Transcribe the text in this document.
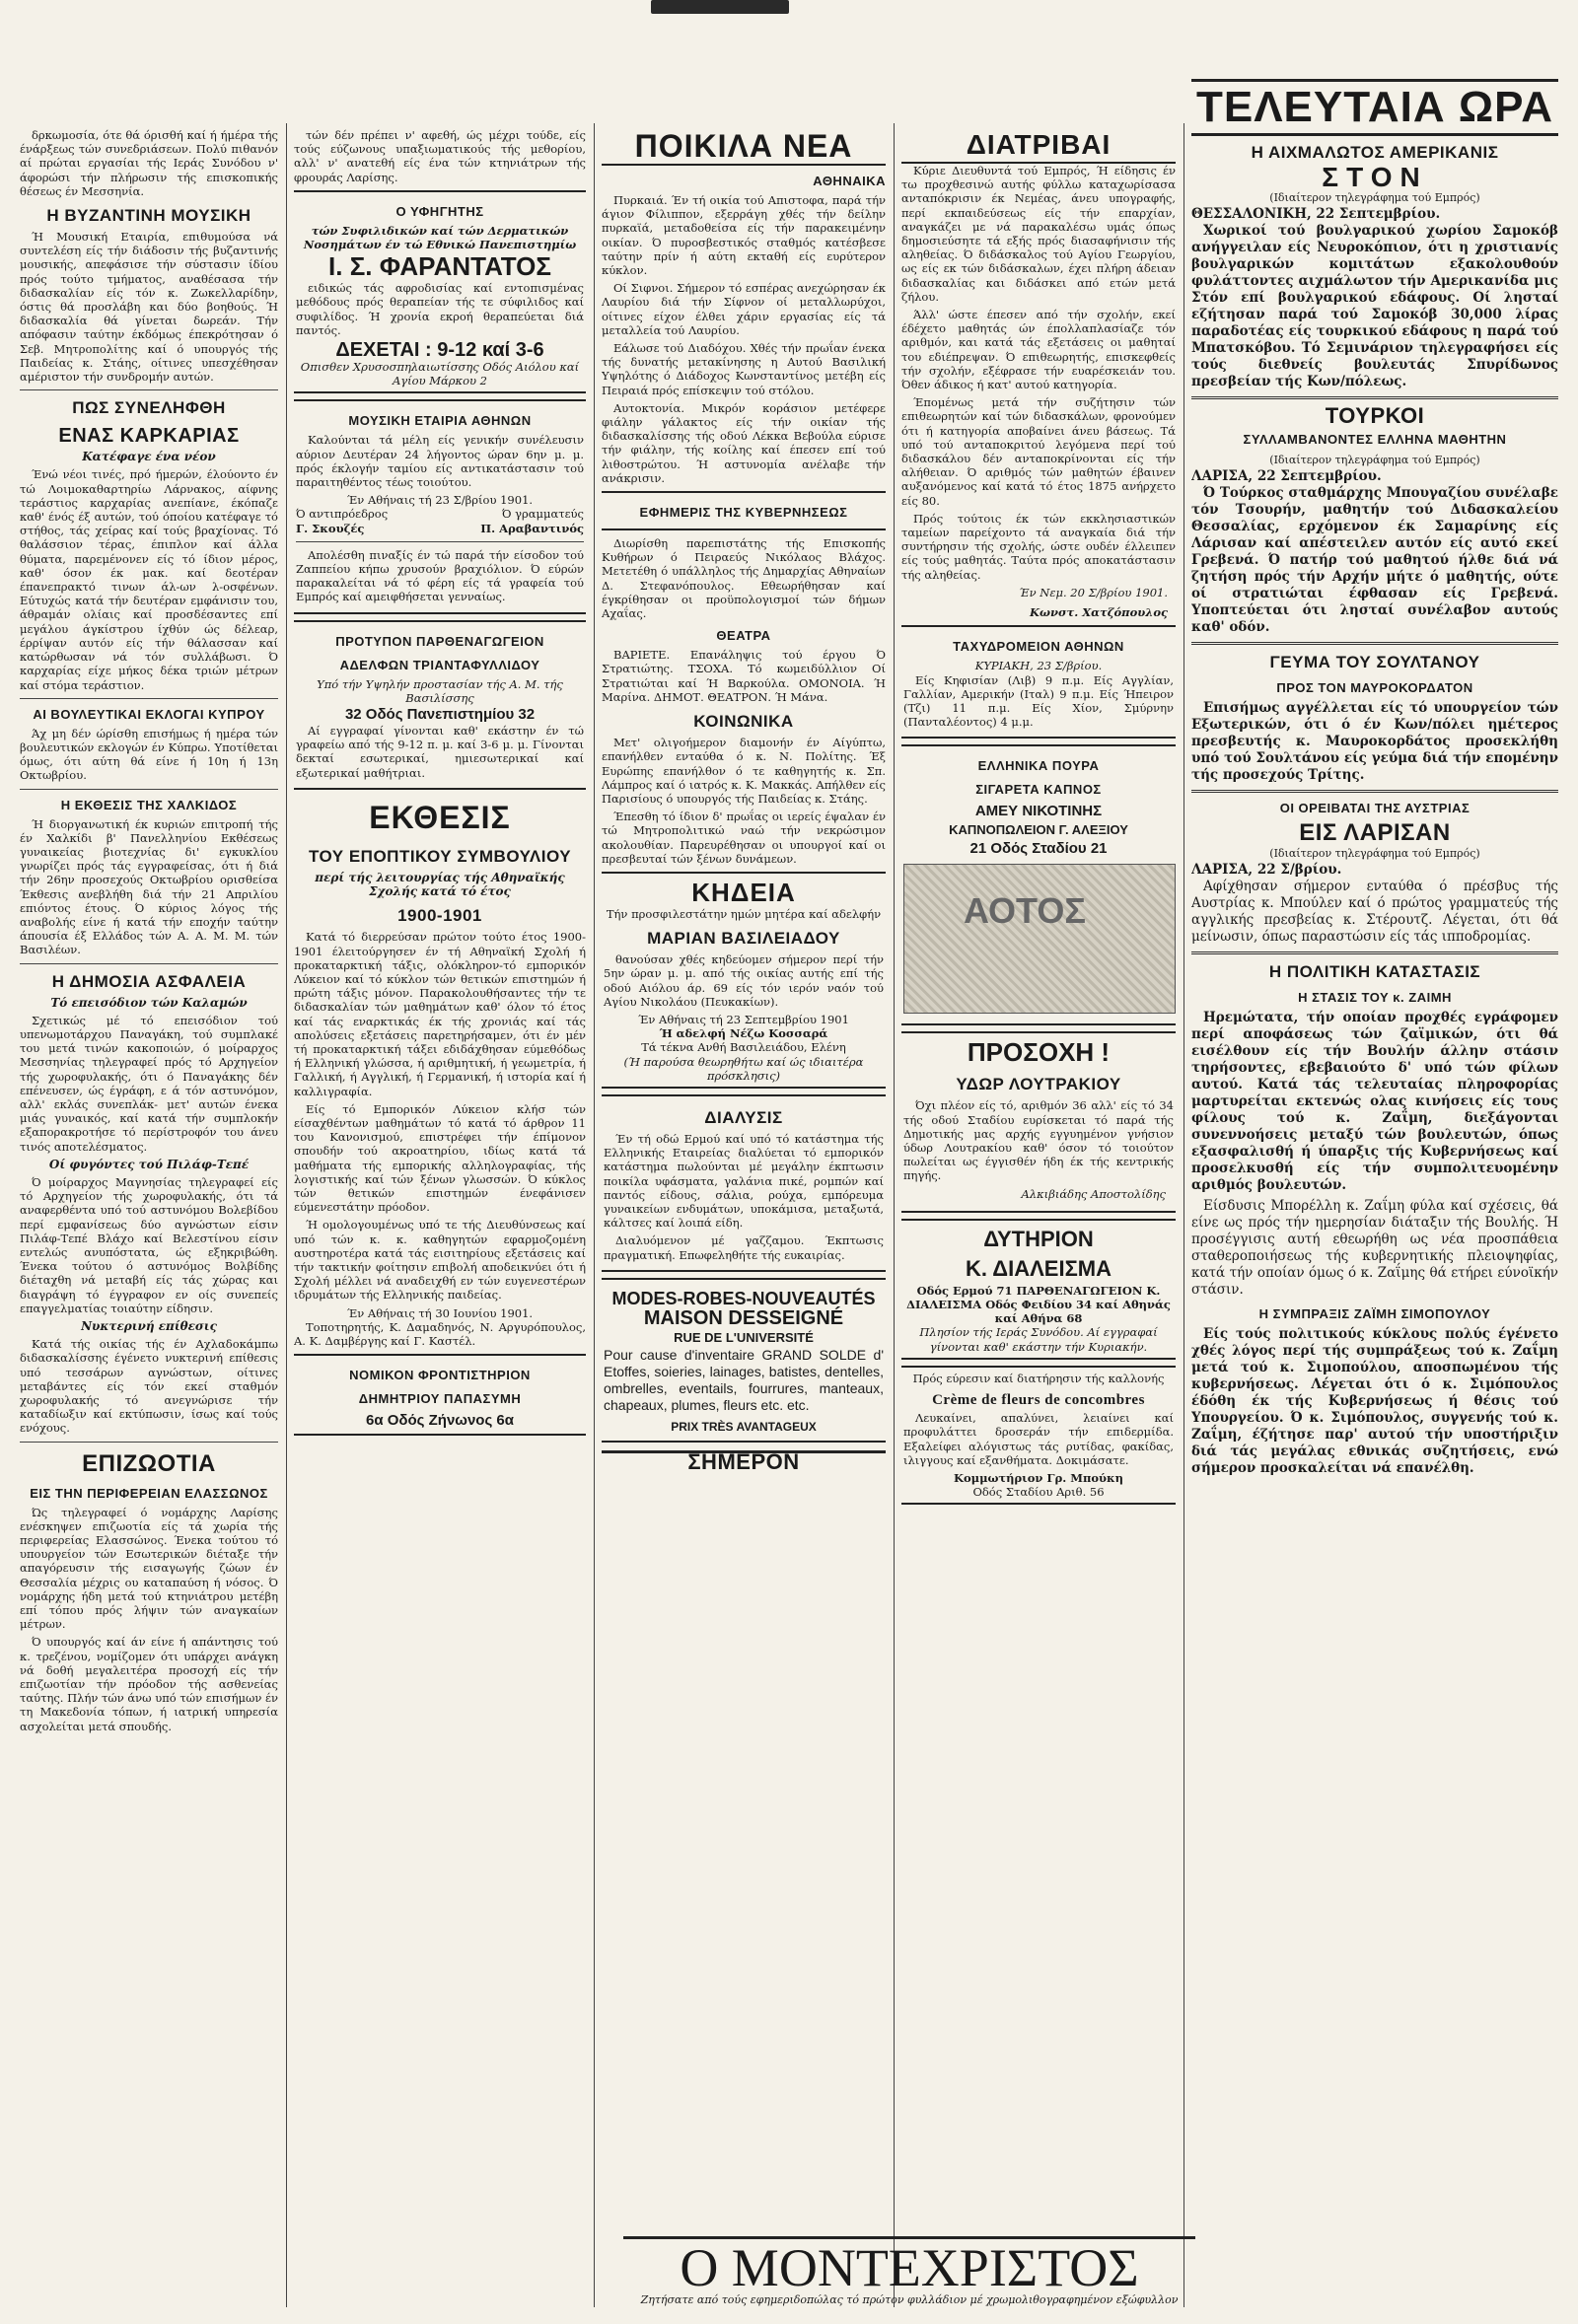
δρκωμοσία, ότε θά όρισθή καί ή ήμέρα τής ένάρξεως τών συνεδριάσεων. Πολύ πιθανόν αί πρώται εργασίαι τής Ιεράς Συνόδου ν' άφορώσι τήν πλήρωσιν τής επισκοπικής θέσεως έν Μεσσηνία.

Η ΒΥΖΑΝΤΙΝΗ ΜΟΥΣΙΚΗ

Ή Μουσική Εταιρία, επιθυμούσα νά συντελέση είς τήν διάδοσιν τής βυζαντινής μουσικής, απεφάσισε τήν σύστασιν ίδίου πρός τούτο τμήματος, αναθέσασα τήν διδασκαλίαν είς τόν κ. Ζωκελλαρίδην, όστις θά προσλάβη και δύο βοηθούς. Ή διδασκαλία θά γίνεται δωρεάν. Τήν απόφασιν ταύτην έκδόμως έπεκρότησαν ό Σεβ. Μητροπολίτης καί ό υπουργός τής Παιδείας κ. Στάης, οίτινες υπεσχέθησαν αμέριστον τήν συνδρομήν αυτών.

ΠΩΣ ΣΥΝΕΛΗΦΘΗ
ΕΝΑΣ ΚΑΡΚΑΡΙΑΣ
Κατέφαγε ένα νέον

Ένώ νέοι τινές, πρό ήμερών, έλούοντο έν τώ Λοιμοκαθαρτηρίω Λάρνακος, αίφνης τεράστιος καρχαρίας ανεπίανε, έκόπαζε καθ' ένός έξ αυτών, τού όποίου κατέφαγε τό στήθος, τάς χείρας καί τούς βραχίονας. Τό θαλάσσιον τέρας, έπιπλον καί άλλα θύματα, παρεμένονεν είς τό ίδιον μέρος, καθ' όσον έκ μακ. καί δεοτέραν έπανεπρακτό τινων άλ-ων λ-οσφένων. Εύτυχώς κατά τήν δευτέραν εμφάνισιν του, άθραμάν ολίαις καί προσδέσαντες επί μεγάλου άγκίστρου ίχθύν ώς δέλεαρ, έρρίψαν αυτόν είς τήν θάλασσαν καί κατώρθωσαν νά τόν συλλάβωσι. Ό καρχαρίας είχε μήκος δέκα τριών μέτρων καί στόμα τεράστιον.

ΑΙ ΒΟΥΛΕΥΤΙΚΑΙ ΕΚΛΟΓΑΙ ΚΥΠΡΟΥ

Άχ μη δέν ώρίσθη επισήμως ή ημέρα τών βουλευτικών εκλογών έν Κύπρω. Υποτίθεται όμως, ότι αύτη θά είνε ή 10η ή 13η Οκτωβρίου.

Η ΕΚΘΕΣΙΣ ΤΗΣ ΧΑΛΚΙΔΟΣ

Ή διοργανωτική έκ κυριών επιτροπή τής έν Χαλκίδι β' Πανελληνίου Εκθέσεως γυναικείας βιοτεχνίας δι' εγκυκλίου γνωρίζει πρός τάς εγγραφείσας, ότι ή διά τήν 26ην προσεχούς Οκτωβρίου ορισθείσα Έκθεσις ανεβλήθη διά τήν 21 Απριλίου επιόντος έτους. Ό κύριος λόγος τής αναβολής είνε ή κατά τήν εποχήν ταύτην άπουσία έξ Ελλάδος τών Α. Α. Μ. Μ. τών Βασιλέων.

Η ΔΗΜΟΣΙΑ ΑΣΦΑΛΕΙΑ
Τό επεισόδιον τών Καλαμών

Σχετικώς μέ τό επεισόδιον τού υπενωμοτάρχου Παναγάκη, τού συμπλακέ του μετά τινών κακοποιών, ό μοίραρχος Μεσσηνίας τηλεγραφεί πρός τό Αρχηγείον τής χωροφυλακής, ότι ό Παναγάκης δέν επένευσεν, ώς έγράφη, ε ά τόν αστυνόμον, αλλ' εκλάς συνεπλάκ- μετ' αυτών ένεκα μιάς γυναικός, καί κατά τήν συμπλοκήν εξαπορακροτήσε τό περίστροφόν του άνευ τινός αποτελέσματος.

Οί φυγόντες τού Πιλάφ-Τεπέ

Ό μοίραρχος Μαγνησίας τηλεγραφεί είς τό Αρχηγείον τής χωροφυλακής, ότι τά αναφερθέντα υπό τού αστυνόμου Βολεβίδου περί εμφανίσεως δύο αγνώστων είσιν Πιλάφ-Τεπέ Βλάχο καί Βελεστίνου είσιν εντελώς ανυπόστατα, ώς εξηκριβώθη. Ένεκα τούτου ό αστυνόμος Βολβίδης διέταχθη νά μεταβή είς τάς χώρας και διαγράψη τό έγγραφον εν οίς συνεπείς επαγγελματίας τοιαύτην είδησιν.

Νυκτερινή επίθεσις

Κατά τής οικίας τής έν Αχλαδοκάμπω διδασκαλίσσης έγένετο νυκτερινή επίθεσις υπό τεσσάρων αγνώστων, οίτινες μεταβάντες είς τόν εκεί σταθμόν χωροφυλακής τό ανεγνώρισε τήν καταδίωξιν καί εκτύπωσιν, ίσως καί τούς ενόχους.

ΕΠΙΖΩΟΤΙΑ
ΕΙΣ ΤΗΝ ΠΕΡΙΦΕΡΕΙΑΝ ΕΛΑΣΣΩΝΟΣ

Ώς τηλεγραφεί ό νομάρχης Λαρίσης ενέσκηψεν επιζωοτία είς τά χωρία τής περιφερείας Ελασσώνος. Ένεκα τούτου τό υπουργείον τών Εσωτερικών διέταξε τήν απαγόρευσιν τής εισαγωγής ζώων έν Θεσσαλία μέχρις ου καταπαύση ή νόσος. Ό νομάρχης ήδη μετά τού κτηνιάτρου μετέβη επί τόπου πρός λήψιν τών αναγκαίων μέτρων.

Ό υπουργός καί άν είνε ή απάντησις τού κ. τρεζένου, νομίζομεν ότι υπάρχει ανάγκη νά δοθή μεγαλειτέρα προσοχή είς τήν επιζωοτίαν τήν πρόοδον τής ασθενείας ταύτης. Πλήν τών άνω υπό τών επισήμων έν τη Μακεδονία τόπων, ή ιατρική υπηρεσία ασχολείται μετά σπουδής.

τών δέν πρέπει ν' αφεθή, ώς μέχρι τούδε, είς τούς εύζωνους υπαξιωματικούς τής μεθορίου, αλλ' ν' ανατεθή είς ένα τών κτηνιάτρων τής φρουράς Λαρίσης.

Ο ΥΦΗΓΗΤΗΣ
τών Συφιλιδικών καί τών Δερματικών Νοσημάτων έν τώ Εθνικώ Πανεπιστημίω
Ι. Σ. ΦΑΡΑΝΤΑΤΟΣ

ειδικώς τάς αφροδισίας καί εντοπισμένας μεθόδους πρός θεραπείαν τής τε σύφιλιδος καί συφιλίδος. Ή χρονία εκροή θεραπεύεται διά παντός.

ΔΕΧΕΤΑΙ : 9-12 καί 3-6
Οπισθεν Χρυσοσπηλαιωτίσσης Οδός Αιόλου καί Αγίου Μάρκου 2
ΜΟΥΣΙΚΗ ΕΤΑΙΡΙΑ ΑΘΗΝΩΝ

Καλούνται τά μέλη είς γενικήν συνέλευσιν αύριον Δευτέραν 24 λήγοντος ώραν 6ην μ. μ. πρός έκλογήν ταμίου είς αντικατάστασιν τού παραιτηθέντος τέως τοιούτου.

Έν Αθήναις τή 23 Σ/βρίου 1901.
Ό αντιπρόεδρος
Γ. Σκουζές
Ό γραμματεύς
Π. Αραβαντινός

Απολέσθη πιναξίς έν τώ παρά τήν είσοδον τού Ζαππείου κήπω χρυσούν βραχιόλιον. Ό εύρών παρακαλείται νά τό φέρη είς τά γραφεία τού Εμπρός καί αμειφθήσεται γενναίως.

ΠΡΟΤΥΠΟΝ ΠΑΡΘΕΝΑΓΩΓΕΙΟΝ
ΑΔΕΛΦΩΝ ΤΡΙΑΝΤΑΦΥΛΛΙΔΟΥ
Υπό τήν Υψηλήν προστασίαν τής Α. Μ. τής Βασιλίσσης
32 Οδός Πανεπιστημίου 32

Αί εγγραφαί γίνονται καθ' εκάστην έν τώ γραφείω από τής 9-12 π. μ. καί 3-6 μ. μ. Γίνονται δεκταί εσωτερικαί, ημιεσωτερικαί καί εξωτερικαί μαθήτριαι.

ΕΚΘΕΣΙΣ
ΤΟΥ ΕΠΟΠΤΙΚΟΥ ΣΥΜΒΟΥΛΙΟΥ
περί τής λειτουργίας τής Αθηναϊκής Σχολής κατά τό έτος
1900-1901

Κατά τό διερρεύσαν πρώτον τούτο έτος 1900-1901 έλειτούργησεν έν τή Αθηναϊκή Σχολή ή προκαταρκτική τάξις, ολόκληρον-τό εμπορικόν Λύκειον καί τό κύκλον τών θετικών επιστημών ή πρώτη τάξις μόνον. Παρακολουθήσαντες τήν τε διδασκαλίαν τών μαθημάτων καθ' όλον τό έτος καί τάς εναρκτικάς έκ τής χρονιάς καί τάς απολύσεις εξετάσεις παρετηρήσαμεν, ότι έν μέν τή προκαταρκτική τάξει εδιδάχθησαν εύμεθόδως ή Ελληνική γλώσσα, ή αριθμητική, ή γεωμετρία, ή Γαλλική, ή Αγγλική, ή Γερμανική, ή ιστορία καί ή καλλιγραφία.

Είς τό Εμπορικόν Λύκειον κλήσ τών είσαχθέντων μαθημάτων τό κατά τό άρθρον 11 του Κανονισμού, επιστρέφει τήν έπίμονον σπουδήν τού ακροατηρίου, ιδίως κατά τά μαθήματα τής εμπορικής αλληλογραφίας, τής λογιστικής καί τών ξένων γλωσσών. Ό κύκλος τών θετικών επιστημών ένεφάνισεν εύμενεστάτην πρόοδον.

Ή ομολογουμένως υπό τε τής Διευθύνσεως καί υπό τών κ. κ. καθηγητών εφαρμοζομένη αυστηροτέρα κατά τάς εισιτηρίους εξετάσεις καί τήν τακτικήν φοίτησιν επιβολή αποδεικνύει ότι ή Σχολή μέλλει νά αναδειχθή εν τών ευγενεστέρων ιδρυμάτων τής Ελληνικής παιδείας.

Έν Αθήναις τή 30 Ιουνίου 1901.

Τοποτηρητής, Κ. Δαμαδηνός, Ν. Αργυρόπουλος, Α. Κ. Δαμβέργης καί Γ. Καστέλ.

ΝΟΜΙΚΟΝ ΦΡΟΝΤΙΣΤΗΡΙΟΝ
ΔΗΜΗΤΡΙΟΥ ΠΑΠΑΣΥΜΗ
6α Οδός Ζήνωνος 6α
ΠΟΙΚΙΛΑ ΝΕΑ
ΑΘΗΝΑΙΚΑ

Πυρκαιά. Έν τή οικία τού Απιστοφα, παρά τήν άγιον Φίλιππον, εξερράγη χθές τήν δείλην πυρκαϊά, μεταδοθείσα είς τήν παρακειμένην οικίαν. Ό πυροσβεστικός σταθμός κατέσβεσε ταύτην πρίν ή αύτη εκταθή είς ευρύτερον κύκλον.

Οί Σιφνοι. Σήμερον τό εσπέρας ανεχώρησαν έκ Λαυρίου διά τήν Σίφνον οί μεταλλωρύχοι, οίτινες είχον έλθει χάριν εργασίας είς τά μεταλλεία τού Λαυρίου.

Εάλωσε τού Διαδόχου. Χθές τήν πρωΐαν ένεκα τής δυνατής μετακίνησης η Αυτού Βασιλική Υψηλότης ό Διάδοχος Κωνσταντίνος μετέβη είς Πειραιά πρός επίσκεψιν τού στόλου.

Αυτοκτονία. Μικρόν κοράσιον μετέφερε φιάλην γάλακτος είς τήν οικίαν τής διδασκαλίσσης τής οδού Λέκκα Βεβούλα εύρισε τήν φιάλην, τής κοίλης καί έπεσεν επί τού λιθοστρώτου. Ή αστυνομία ανέλαβε τήν ανάκρισιν.

ΕΦΗΜΕΡΙΣ ΤΗΣ ΚΥΒΕΡΝΗΣΕΩΣ

Διωρίσθη παρεπιστάτης τής Επισκοπής Κυθήρων ό Πειραεύς Νικόλαος Βλάχος. Μετετέθη ό υπάλληλος τής Δημαρχίας Αθηναίων Δ. Στεφανόπουλος. Εθεωρήθησαν καί έγκρίθησαν οι προϋπολογισμοί τών δήμων Αχαΐας.

ΘΕΑΤΡΑ

ΒΑΡΙΕΤΕ. Επανάληψις τού έργου Ό Στρατιώτης. ΤΣΟΧΑ. Τό κωμειδύλλιον Οί Στρατιώται καί Ή Βαρκούλα. ΟΜΟΝΟΙΑ. Ή Μαρίνα. ΔΗΜΟΤ. ΘΕΑΤΡΟΝ. Ή Μάνα.

ΚΟΙΝΩΝΙΚΑ

Μετ' ολιγοήμερον διαμονήν έν Αίγύπτω, επανήλθεν ενταύθα ό κ. Ν. Πολίτης. Έξ Ευρώπης επανήλθον ό τε καθηγητής κ. Σπ. Λάμπρος καί ό ιατρός κ. Κ. Μακκάς. Απήλθεν είς Παρισίους ό υπουργός τής Παιδείας κ. Στάης.

Έπεσθη τό ίδιον δ' πρωΐας οι ιερείς έψαλαν έν τώ Μητροπολιτικώ ναώ τήν νεκρώσιμον ακολουθίαν. Παρευρέθησαν οι υπουργοί καί οι πρεσβευταί τών ξένων δυνάμεων.

ΚΗΔΕΙΑ
Τήν προσφιλεστάτην ημών μητέρα καί αδελφήν
ΜΑΡΙΑΝ ΒΑΣΙΛΕΙΑΔΟΥ

θανούσαν χθές κηδεύομεν σήμερον περί τήν 5ην ώραν μ. μ. από τής οικίας αυτής επί τής οδού Αιόλου άρ. 69 είς τόν ιερόν ναόν τού Αγίου Νικολάου (Πευκακίων).

Έν Αθήναις τή 23 Σεπτεμβρίου 1901
Ή αδελφή Νέζω Κοσσαρά
Τά τέκνα Ανθή Βασιλειάδου, Ελένη
(Ή παρούσα θεωρηθήτω καί ώς ιδιαιτέρα πρόσκλησις)
ΔΙΑΛΥΣΙΣ

Έν τή οδώ Ερμού καί υπό τό κατάστημα τής Ελληνικής Εταιρείας διαλύεται τό εμπορικόν κατάστημα πωλούνται μέ μεγάλην έκπτωσιν ποικίλα υφάσματα, γαλάνια πικέ, ρομπών καί παντός είδους, σάλια, ρούχα, εμπόρευμα γυναικείων ενδυμάτων, υποκάμισα, μεταξωτά, κάλτσες καί λοιπά είδη.

Διαλυόμενον μέ γαζζαμου. Έκπτωσις πραγματική. Επωφεληθήτε τής ευκαιρίας.

MODES-ROBES-NOUVEAUTÉS
MAISON DESSEIGNÉ
RUE DE L'UNIVERSITÉ

Pour cause d'inventaire GRAND SOLDE d' Etoffes, soieries, lainages, batistes, dentelles, ombrelles, eventails, fourrures, manteaux, chapeaux, plumes, fleurs etc. etc.

PRIX TRÈS AVANTAGEUX
ΣΗΜΕΡΟΝ
ΔΙΑΤΡΙΒΑΙ

Κύριε Διευθυντά τού Εμπρός, Ή είδησις έν τω προχθεσινώ αυτής φύλλω καταχωρίσασα ανταπόκρισιν έκ Νεμέας, άνευ υπογραφής, περί εκπαιδεύσεως είς τήν επαρχίαν, αναγκάζει με νά παρακαλέσω υμάς όπως δημοσιεύσητε τά εξής πρός διασαφήνισιν τής αληθείας. Ό διδάσκαλος τού Αγίου Γεωργίου, ως είς εκ τών διδάσκαλων, έχει πλήρη άδειαν διδασκαλίας και διδάσκει από ετών μετά ζήλου.

Άλλ' ώστε έπεσεν από τήν σχολήν, εκεί έδέχετο μαθητάς ών έπολλαπλασίαζε τόν αριθμόν, και κατά τάς εξετάσεις οι μαθηταί του εδιέπρεψαν. Ό επιθεωρητής, επισκεφθείς τήν σχολήν, εξέφρασε τήν ευαρέσκειάν του. Όθεν άδικος ή κατ' αυτού κατηγορία.

Έπομένως μετά τήν συζήτησιν τών επιθεωρητών καί τών διδασκάλων, φρονούμεν ότι ή κατηγορία αποβαίνει άνευ βάσεως. Τά υπό τού ανταποκριτού λεγόμενα περί τού διδασκάλου δέν ανταποκρίνονται είς τήν αλήθειαν. Ό αριθμός τών μαθητών έβαινεν αυξανόμενος καί κατά τό έτος 1875 ανήρχετο είς 80.

Πρός τούτοις έκ τών εκκλησιαστικών ταμείων παρείχοντο τά αναγκαία διά τήν συντήρησιν τής σχολής, ώστε ουδέν έλλειπεν είς τούς μαθητάς. Ταύτα πρός αποκατάστασιν τής αληθείας.

Έν Νεμ. 20 Σ/βρίου 1901.
Κωνστ. Χατζόπουλος
ΤΑΧΥΔΡΟΜΕΙΟΝ ΑΘΗΝΩΝ
ΚΥΡΙΑΚΗ, 23 Σ/βρίου.

Είς Κηφισίαν (Λιβ) 9 π.μ. Είς Αγγλίαν, Γαλλίαν, Αμερικήν (Ιταλ) 9 π.μ. Είς Ήπειρον (Τζι) 11 π.μ. Είς Χίον, Σμύρνην (Πανταλέοντος) 4 μ.μ.

ΕΛΛΗΝΙΚΑ ΠΟΥΡΑ
ΣΙΓΑΡΕΤΑ ΚΑΠΝΟΣ
ΑΜΕΥ ΝΙΚΟΤΙΝΗΣ
ΚΑΠΝΟΠΩΛΕΙΟΝ Γ. ΑΛΕΞΙΟΥ
21 Οδός Σταδίου 21
ΑΟΤΟΣ
ΠΡΟΣΟΧΗ !
ΥΔΩΡ ΛΟΥΤΡΑΚΙΟΥ

Όχι πλέον είς τό, αριθμόν 36 αλλ' είς τό 34 τής οδού Σταδίου ευρίσκεται τό παρά τής Δημοτικής μας αρχής εγγυημένον γνήσιον ύδωρ Λουτρακίου καθ' όσον τό τοιούτον πωλείται ως έγγισθέν ήδη έκ τής κεντρικής πηγής.

Αλκιβιάδης Αποστολίδης
ΔΥΤΗΡΙΟΝ
Κ. ΔΙΑΛΕΙΣΜΑ
Οδός Ερμού 71 ΠΑΡΘΕΝΑΓΩΓΕΙΟΝ Κ. ΔΙΑΛΕΙΣΜΑ Οδός Φειδίου 34 καί Αθηνάς καί Αθήνα 68
Πλησίον τής Ιεράς Συνόδου. Αί εγγραφαί γίνονται καθ' εκάστην τήν Κυριακήν.
Πρός εύρεσιν καί διατήρησιν τής καλλονής
Crème de fleurs de concombres

Λευκαίνει, απαλύνει, λειαίνει καί προφυλάττει δροσεράν τήν επιδερμίδα. Εξαλείφει αλόγιστως τάς ρυτίδας, φακίδας, ιλιγγους καί εξανθήματα. Δοκιμάσατε.

Κομμωτήριον Γρ. Μπούκη
Οδός Σταδίου Αριθ. 56
Ο ΜΟΝΤΕΧΡΙΣΤΟΣ
Ζητήσατε από τούς εφημεριδοπώλας τό πρώτον φυλλάδιον μέ χρωμολιθογραφημένον εξώφυλλον
ΤΕΛΕΥΤΑΙΑ ΩΡΑ
Η ΑΙΧΜΑΛΩΤΟΣ ΑΜΕΡΙΚΑΝΙΣ
ΣΤΟΝ
(Ιδιαίτερον τηλεγράφημα τού Εμπρός)
ΘΕΣΣΑΛΟΝΙΚΗ, 22 Σεπτεμβρίου.

Χωρικοί τού βουλγαρικού χωρίου Σαμοκόβ ανήγγειλαν είς Νευροκόπιον, ότι η χριστιανίς βουλγαρικών κομιτάτων εξακολουθούν φυλάττοντες αιχμάλωτον τήν Αμερικανίδα μις Στόν επί βουλγαρικού εδάφους. Οί λησταί εζήτησαν παρά τού Σαμοκόβ 30,000 λίρας παραδοτέας είς τουρκικού εδάφους η παρά τού Μπατσκόβου. Τό Σεμινάριον τηλεγραφήσει είς τούς διεθνείς βουλευτάς Σπυρίδωνος πρεσβείαν τής Κων/πόλεως.

ΤΟΥΡΚΟΙ
ΣΥΛΛΑΜΒΑΝΟΝΤΕΣ ΕΛΛΗΝΑ ΜΑΘΗΤΗΝ
(Ιδιαίτερον τηλεγράφημα τού Εμπρός)
ΛΑΡΙΣΑ, 22 Σεπτεμβρίου.

Ό Τούρκος σταθμάρχης Μπουγαζίου συνέλαβε τόν Τσουρήν, μαθητήν τού Διδασκαλείου Θεσσαλίας, ερχόμενον έκ Σαμαρίνης είς Λάρισαν καί απέστειλεν αυτόν είς αυτό εκεί Γρεβενά. Ό πατήρ τού μαθητού ήλθε διά νά ζητήση πρός τήν Αρχήν μήτε ό μαθητής, ούτε οί στρατιώται έφθασαν είς Γρεβενά. Υποπτεύεται ότι λησταί συνέλαβον αυτούς καθ' οδόν.

ΓΕΥΜΑ ΤΟΥ ΣΟΥΛΤΑΝΟΥ
ΠΡΟΣ ΤΟΝ ΜΑΥΡΟΚΟΡΔΑΤΟΝ

Επισήμως αγγέλλεται είς τό υπουργείον τών Εξωτερικών, ότι ό έν Κων/πόλει ημέτερος πρεσβευτής κ. Μαυροκορδάτος προσεκλήθη υπό τού Σουλτάνου είς γεύμα διά τήν επομένην τής προσεχούς Τρίτης.

ΟΙ ΟΡΕΙΒΑΤΑΙ ΤΗΣ ΑΥΣΤΡΙΑΣ
ΕΙΣ ΛΑΡΙΣΑΝ
(Ιδιαίτερον τηλεγράφημα τού Εμπρός)
ΛΑΡΙΣΑ, 22 Σ/βρίου.

Αφίχθησαν σήμερον ενταύθα ό πρέσβυς τής Αυστρίας κ. Μπούλεν καί ό πρώτος γραμματεύς τής αγγλικής πρεσβείας κ. Στέρουτζ. Λέγεται, ότι θά μείνωσιν, όπως παραστώσιν είς τάς ιπποδρομίας.

Η ΠΟΛΙΤΙΚΗ ΚΑΤΑΣΤΑΣΙΣ
Η ΣΤΑΣΙΣ ΤΟΥ κ. ΖΑΙΜΗ

Ηρεμώτατα, τήν οποίαν προχθές εγράφομεν περί αποφάσεως τών ζαϊμικών, ότι θά εισέλθουν είς τήν Βουλήν άλλην στάσιν τηρήσοντες, εβεβαιούτο δ' υπό τών φίλων αυτού. Κατά τάς τελευταίας πληροφορίας μαρτυρείται εκτενώς ολας κινήσεις είς τους φίλους τού κ. Ζαΐμη, διεξάγονται συνεννοήσεις μεταξύ τών βουλευτών, όπως εξασφαλισθή ή ύπαρξις τής Κυβερνήσεως καί προσελκυσθή είς τήν συμπολιτευομένην αριθμός βουλευτών.

Είσδυσις Μπορέλλη κ. Ζαΐμη φύλα καί σχέσεις, θά είνε ως πρός τήν ημερησίαν διάταξιν τής Βουλής. Ή προσέγγισις αυτή εθεωρήθη ως νέα προσπάθεια σταθεροποιήσεως τής κυβερνητικής πλειοψηφίας, κατά τήν οποίαν όμως ό κ. Ζαΐμης θά ετήρει εύνοϊκήν στάσιν.

Η ΣΥΜΠΡΑΞΙΣ ΖΑΪΜΗ ΣΙΜΟΠΟΥΛΟΥ

Είς τούς πολιτικούς κύκλους πολύς έγένετο χθές λόγος περί τής συμπράξεως τού κ. Ζαΐμη μετά τού κ. Σιμοπούλου, αποσπωμένου τής κυβερνήσεως. Λέγεται ότι ό κ. Σιμόπουλος έδόθη έκ τής Κυβερνήσεως ή θέσις τού Υπουργείου. Ό κ. Σιμόπουλος, συγγενής τού κ. Ζαΐμη, έζήτησε παρ' αυτού τήν υποστήριξιν διά τάς μεγάλας εθνικάς συζητήσεις, ενώ σήμερον προσκαλείται νά επανέλθη.
